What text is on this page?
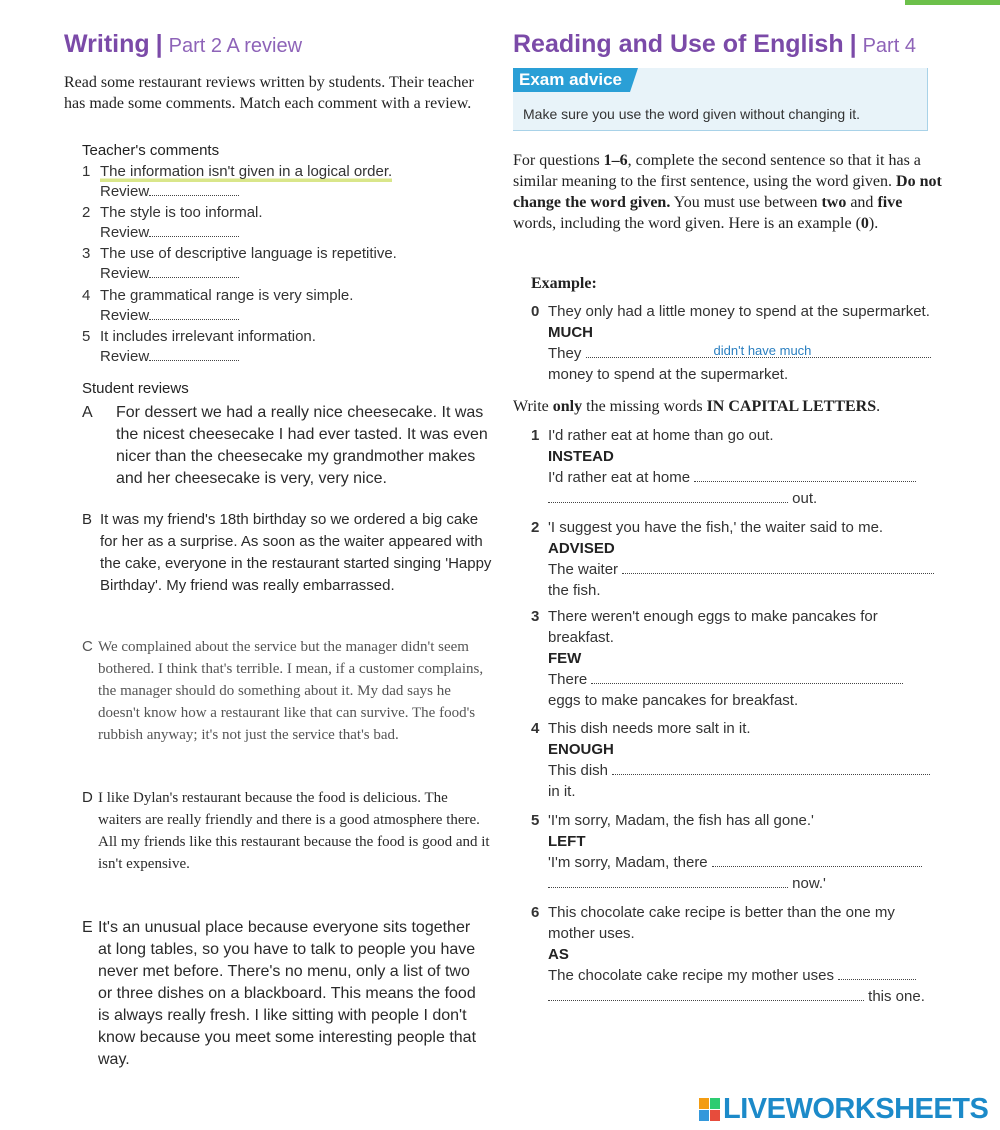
Writing | Part 2 A review
Read some restaurant reviews written by students. Their teacher has made some comments. Match each comment with a review.
Teacher's comments
1 The information isn't given in a logical order.
Review
2 The style is too informal.
Review
3 The use of descriptive language is repetitive.
Review
4 The grammatical range is very simple.
Review
5 It includes irrelevant information.
Review
Student reviews
A For dessert we had a really nice cheesecake. It was the nicest cheesecake I had ever tasted. It was even nicer than the cheesecake my grandmother makes and her cheesecake is very, very nice.
B It was my friend's 18th birthday so we ordered a big cake for her as a surprise. As soon as the waiter appeared with the cake, everyone in the restaurant started singing 'Happy Birthday'. My friend was really embarrassed.
C We complained about the service but the manager didn't seem bothered. I think that's terrible. I mean, if a customer complains, the manager should do something about it. My dad says he doesn't know how a restaurant like that can survive. The food's rubbish anyway; it's not just the service that's bad.
D I like Dylan's restaurant because the food is delicious. The waiters are really friendly and there is a good atmosphere there. All my friends like this restaurant because the food is good and it isn't expensive.
E It's an unusual place because everyone sits together at long tables, so you have to talk to people you have never met before. There's no menu, only a list of two or three dishes on a blackboard. This means the food is always really fresh. I like sitting with people I don't know because you meet some interesting people that way.
Reading and Use of English | Part 4
Exam advice
Make sure you use the word given without changing it.
For questions 1–6, complete the second sentence so that it has a similar meaning to the first sentence, using the word given. Do not change the word given. You must use between two and five words, including the word given. Here is an example (0).
Example:
0 They only had a little money to spend at the supermarket.
MUCH
They	didn't have much
money to spend at the supermarket.
Write only the missing words IN CAPITAL LETTERS.
1 I'd rather eat at home than go out.
INSTEAD
I'd rather eat at home
out.
2 'I suggest you have the fish,' the waiter said to me.
ADVISED
The waiter
the fish.
3 There weren't enough eggs to make pancakes for
breakfast.
FEW
There
eggs to make pancakes for breakfast.
4 This dish needs more salt in it.
ENOUGH
This dish
in it.
5 'I'm sorry, Madam, the fish has all gone.'
LEFT
'I'm sorry, Madam, there
now.'
6 This chocolate cake recipe is better than the one my
mother uses.
AS
The chocolate cake recipe my mother uses
this one.
LIVEWORKSHEETS
